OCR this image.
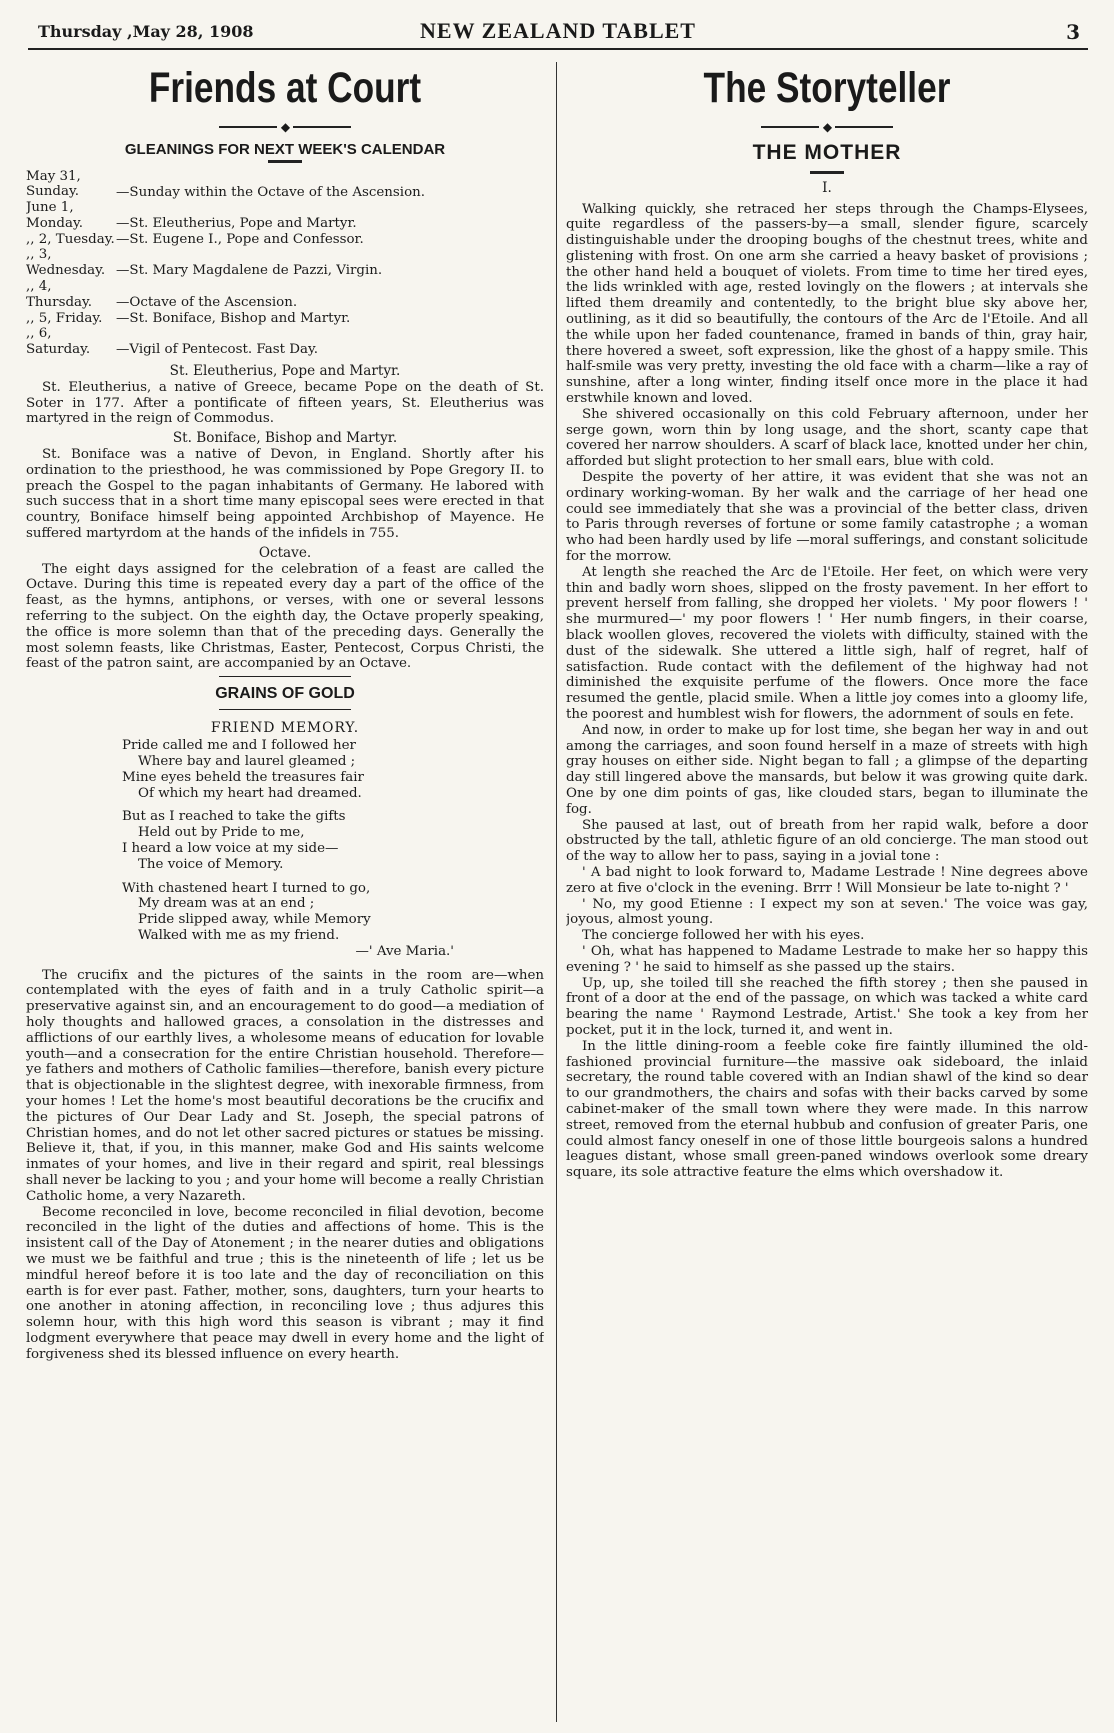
Thursday ,May 28, 1908	NEW ZEALAND TABLET	3
Friends at Court
◆
GLEANINGS FOR NEXT WEEK'S CALENDAR
May 31, Sunday.	—Sunday within the Octave of the Ascension.
June 1, Monday. —St. Eleutherius, Pope and Martyr.
,, 2, Tuesday.—St. Eugene I., Pope and Confessor.
,, 3, Wednesday. —St. Mary Magdalene de Pazzi, Virgin.
,, 4, Thursday. —Octave of the Ascension.
,, 5, Friday. —St. Boniface, Bishop and Martyr.
,, 6, Saturday. —Vigil of Pentecost. Fast Day.

St. Eleutherius, Pope and Martyr.

St. Eleutherius, a native of Greece, became Pope on the death of St. Soter in 177. After a pontificate of fifteen years, St. Eleutherius was martyred in the reign of Commodus.

St. Boniface, Bishop and Martyr.

St. Boniface was a native of Devon, in England. Shortly after his ordination to the priesthood, he was commissioned by Pope Gregory II. to preach the Gospel to the pagan inhabitants of Germany. He labored with such success that in a short time many episcopal sees were erected in that country, Boniface himself being appointed Archbishop of Mayence. He suffered martyrdom at the hands of the infidels in 755.

Octave.

The eight days assigned for the celebration of a feast are called the Octave. During this time is repeated every day a part of the office of the feast, as the hymns, antiphons, or verses, with one or several lessons referring to the subject. On the eighth day, the Octave properly speaking, the office is more solemn than that of the preceding days. Generally the most solemn feasts, like Christmas, Easter, Pentecost, Corpus Christi, the feast of the patron saint, are accompanied by an Octave.

GRAINS OF GOLD
FRIEND MEMORY.
Pride called me and I followed her
Where bay and laurel gleamed ;
Mine eyes beheld the treasures fair
Of which my heart had dreamed.
But as I reached to take the gifts
Held out by Pride to me,
I heard a low voice at my side—
The voice of Memory.
With chastened heart I turned to go,
My dream was at an end ;
Pride slipped away, while Memory
Walked with me as my friend.
—' Ave Maria.'

The crucifix and the pictures of the saints in the room are—when contemplated with the eyes of faith and in a truly Catholic spirit—a preservative against sin, and an encouragement to do good—a mediation of holy thoughts and hallowed graces, a consolation in the distresses and afflictions of our earthly lives, a wholesome means of education for lovable youth—and a consecration for the entire Christian household. Therefore—ye fathers and mothers of Catholic families—therefore, banish every picture that is objectionable in the slightest degree, with inexorable firmness, from your homes ! Let the home's most beautiful decorations be the crucifix and the pictures of Our Dear Lady and St. Joseph, the special patrons of Christian homes, and do not let other sacred pictures or statues be missing. Believe it, that, if you, in this manner, make God and His saints welcome inmates of your homes, and live in their regard and spirit, real blessings shall never be lacking to you ; and your home will become a really Christian Catholic home, a very Nazareth.

Become reconciled in love, become reconciled in filial devotion, become reconciled in the light of the duties and affections of home. This is the insistent call of the Day of Atonement ; in the nearer duties and obligations we must we be faithful and true ; this is the nineteenth of life ; let us be mindful hereof before it is too late and the day of reconciliation on this earth is for ever past. Father, mother, sons, daughters, turn your hearts to one another in atoning affection, in reconciling love ; thus adjures this solemn hour, with this high word this season is vibrant ; may it find lodgment everywhere that peace may dwell in every home and the light of forgiveness shed its blessed influence on every hearth.

The Storyteller
◆
THE MOTHER
I.

Walking quickly, she retraced her steps through the Champs-Elysees, quite regardless of the passers-by—a small, slender figure, scarcely distinguishable under the drooping boughs of the chestnut trees, white and glistening with frost. On one arm she carried a heavy basket of provisions ; the other hand held a bouquet of violets. From time to time her tired eyes, the lids wrinkled with age, rested lovingly on the flowers ; at intervals she lifted them dreamily and contentedly, to the bright blue sky above her, outlining, as it did so beautifully, the contours of the Arc de l'Etoile. And all the while upon her faded countenance, framed in bands of thin, gray hair, there hovered a sweet, soft expression, like the ghost of a happy smile. This half-smile was very pretty, investing the old face with a charm—like a ray of sunshine, after a long winter, finding itself once more in the place it had erstwhile known and loved.

She shivered occasionally on this cold February afternoon, under her serge gown, worn thin by long usage, and the short, scanty cape that covered her narrow shoulders. A scarf of black lace, knotted under her chin, afforded but slight protection to her small ears, blue with cold.

Despite the poverty of her attire, it was evident that she was not an ordinary working-woman. By her walk and the carriage of her head one could see immediately that she was a provincial of the better class, driven to Paris through reverses of fortune or some family catastrophe ; a woman who had been hardly used by life —moral sufferings, and constant solicitude for the morrow.

At length she reached the Arc de l'Etoile. Her feet, on which were very thin and badly worn shoes, slipped on the frosty pavement. In her effort to prevent herself from falling, she dropped her violets. ' My poor flowers ! ' she murmured—' my poor flowers ! ' Her numb fingers, in their coarse, black woollen gloves, recovered the violets with difficulty, stained with the dust of the sidewalk. She uttered a little sigh, half of regret, half of satisfaction. Rude contact with the defilement of the highway had not diminished the exquisite perfume of the flowers. Once more the face resumed the gentle, placid smile. When a little joy comes into a gloomy life, the poorest and humblest wish for flowers, the adornment of souls en fete.

And now, in order to make up for lost time, she began her way in and out among the carriages, and soon found herself in a maze of streets with high gray houses on either side. Night began to fall ; a glimpse of the departing day still lingered above the mansards, but below it was growing quite dark. One by one dim points of gas, like clouded stars, began to illuminate the fog.

She paused at last, out of breath from her rapid walk, before a door obstructed by the tall, athletic figure of an old concierge. The man stood out of the way to allow her to pass, saying in a jovial tone :

' A bad night to look forward to, Madame Lestrade ! Nine degrees above zero at five o'clock in the evening. Brrr ! Will Monsieur be late to-night ? '

' No, my good Etienne : I expect my son at seven.' The voice was gay, joyous, almost young.

The concierge followed her with his eyes.

' Oh, what has happened to Madame Lestrade to make her so happy this evening ? ' he said to himself as she passed up the stairs.

Up, up, she toiled till she reached the fifth storey ; then she paused in front of a door at the end of the passage, on which was tacked a white card bearing the name ' Raymond Lestrade, Artist.' She took a key from her pocket, put it in the lock, turned it, and went in.

In the little dining-room a feeble coke fire faintly illumined the old-fashioned provincial furniture—the massive oak sideboard, the inlaid secretary, the round table covered with an Indian shawl of the kind so dear to our grandmothers, the chairs and sofas with their backs carved by some cabinet-maker of the small town where they were made. In this narrow street, removed from the eternal hubbub and confusion of greater Paris, one could almost fancy oneself in one of those little bourgeois salons a hundred leagues distant, whose small green-paned windows overlook some dreary square, its sole attractive feature the elms which overshadow it.
